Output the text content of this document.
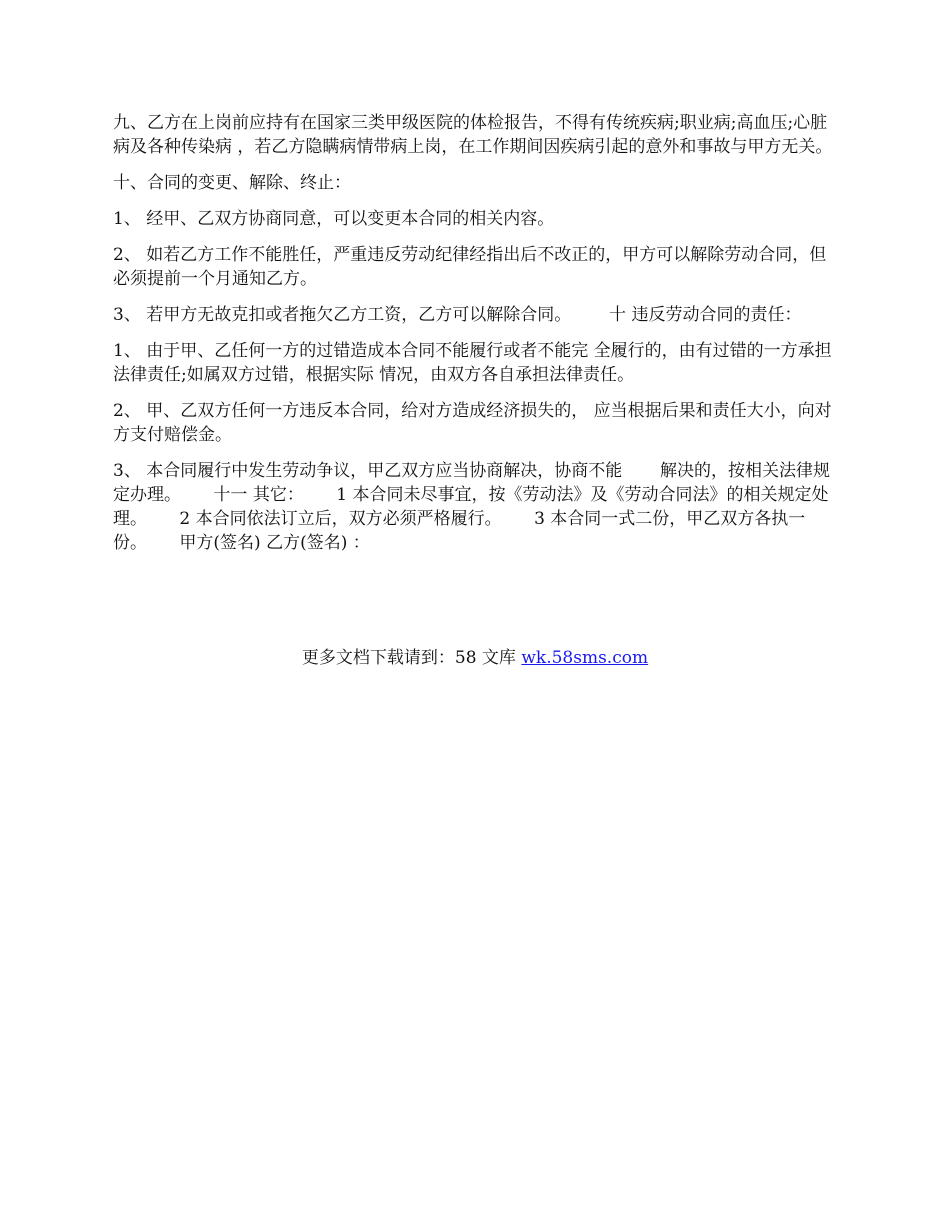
九、乙方在上岗前应持有在国家三类甲级医院的体检报告，不得有传统疾病;职业病;高血压;心脏病及各种传染病 ，若乙方隐瞒病情带病上岗，在工作期间因疾病引起的意外和事故与甲方无关。

十、合同的变更、解除、终止：

1、 经甲、乙双方协商同意，可以变更本合同的相关内容。

2、 如若乙方工作不能胜任，严重违反劳动纪律经指出后不改正的，甲方可以解除劳动合同，但必须提前一个月通知乙方。

3、 若甲方无故克扣或者拖欠乙方工资，乙方可以解除合同。       十 违反劳动合同的责任：

1、 由于甲、乙任何一方的过错造成本合同不能履行或者不能完 全履行的，由有过错的一方承担法律责任;如属双方过错，根据实际 情况，由双方各自承担法律责任。

2、 甲、乙双方任何一方违反本合同，给对方造成经济损失的， 应当根据后果和责任大小，向对方支付赔偿金。

3、 本合同履行中发生劳动争议，甲乙双方应当协商解决，协商不能       解决的，按相关法律规定办理。      十一 其它：      1 本合同未尽事宜，按《劳动法》及《劳动合同法》的相关规定处理。      2 本合同依法订立后，双方必须严格履行。      3 本合同一式二份，甲乙双方各执一份。      甲方(签名) 乙方(签名) ：

更多文档下载请到：58 文库 wk.58sms.com
